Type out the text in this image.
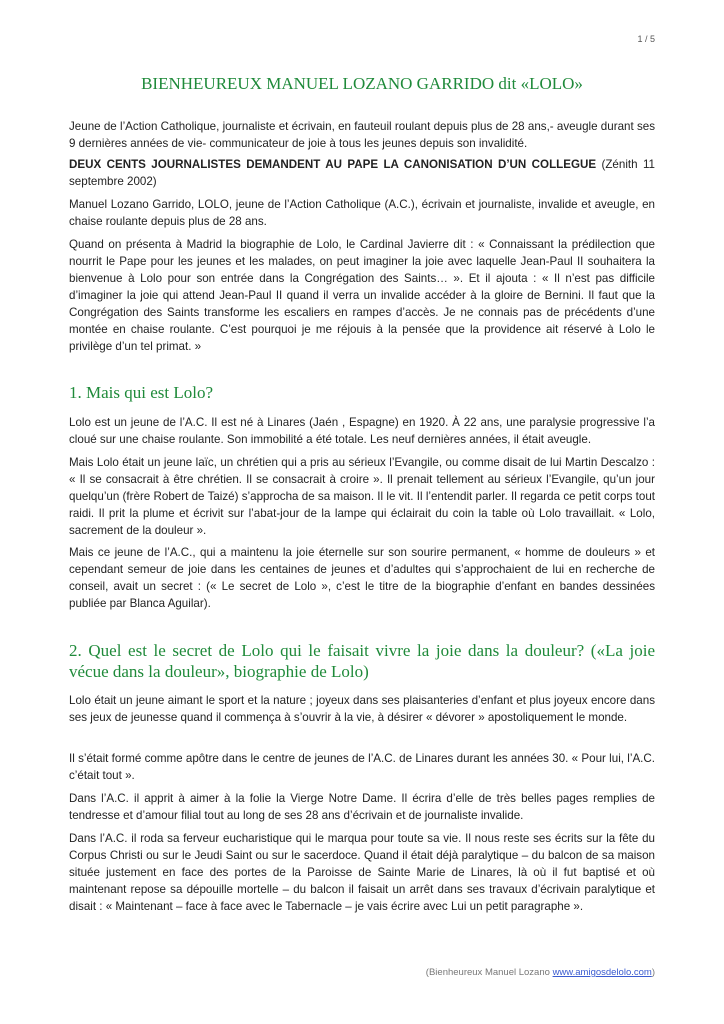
1 / 5
BIENHEUREUX MANUEL LOZANO GARRIDO dit «LOLO»

Jeune de l’Action Catholique, journaliste et écrivain, en fauteuil roulant depuis plus de 28 ans,- aveugle durant ses 9 dernières années de vie- communicateur de joie à tous les jeunes depuis son invalidité.

DEUX CENTS JOURNALISTES DEMANDENT AU PAPE LA CANONISATION D’UN COLLEGUE (Zénith 11 septembre 2002)

Manuel Lozano Garrido, LOLO, jeune de l’Action Catholique (A.C.), écrivain et journaliste, invalide et aveugle, en chaise roulante depuis plus de 28 ans.

Quand on présenta à Madrid la biographie de Lolo, le Cardinal Javierre dit : « Connaissant la prédilection que nourrit le Pape pour les jeunes et les malades, on peut imaginer la joie avec laquelle Jean-Paul II souhaitera la bienvenue à Lolo pour son entrée dans la Congrégation des Saints… ». Et il ajouta : « Il n’est pas difficile d’imaginer la joie qui attend Jean-Paul II quand il verra un invalide accéder à la gloire de Bernini. Il faut que la Congrégation des Saints transforme les escaliers en rampes d’accès. Je ne connais pas de précédents d’une montée en chaise roulante. C’est pourquoi je me réjouis à la pensée que la providence ait réservé à Lolo le privilège d’un tel primat. »

1. Mais qui est Lolo?

Lolo est un jeune de l’A.C. Il est né à Linares (Jaén , Espagne) en 1920. À 22 ans, une paralysie progressive l’a cloué sur une chaise roulante. Son immobilité a été totale. Les neuf dernières années, il était aveugle.

Mais Lolo était un jeune laïc, un chrétien qui a pris au sérieux l’Evangile, ou comme disait de lui Martin Descalzo : « Il se consacrait à être chrétien. Il se consacrait à croire ». Il prenait tellement au sérieux l’Evangile, qu’un jour quelqu’un (frère Robert de Taizé) s’approcha de sa maison. Il le vit. Il l’entendit parler. Il regarda ce petit corps tout raidi. Il prit la plume et écrivit sur l’abat-jour de la lampe qui éclairait du coin la table où Lolo travaillait. « Lolo, sacrement de la douleur ».

Mais ce jeune de l’A.C., qui a maintenu la joie éternelle sur son sourire permanent, « homme de douleurs » et cependant semeur de joie dans les centaines de jeunes et d’adultes qui s’approchaient de lui en recherche de conseil, avait un secret : (« Le secret de Lolo », c’est le titre de la biographie d’enfant en bandes dessinées publiée par Blanca Aguilar).

2. Quel est le secret de Lolo qui le faisait vivre la joie dans la douleur? («La joie vécue dans la douleur», biographie de Lolo)

Lolo était un jeune aimant le sport et la nature ; joyeux dans ses plaisanteries d’enfant et plus joyeux encore dans ses jeux de jeunesse quand il commença à s’ouvrir à la vie, à désirer « dévorer » apostoliquement le monde.

Il s’était formé comme apôtre dans le centre de jeunes de l’A.C. de Linares durant les années 30. « Pour lui, l’A.C. c’était tout ».

Dans l’A.C. il apprit à aimer à la folie la Vierge Notre Dame. Il écrira d’elle de très belles pages remplies de tendresse et d’amour filial tout au long de ses 28 ans d’écrivain et de journaliste invalide.

Dans l’A.C. il roda sa ferveur eucharistique qui le marqua pour toute sa vie. Il nous reste ses écrits sur la fête du Corpus Christi ou sur le Jeudi Saint ou sur le sacerdoce. Quand il était déjà paralytique – du balcon de sa maison située justement en face des portes de la Paroisse de Sainte Marie de Linares, là où il fut baptisé et où maintenant repose sa dépouille mortelle – du balcon il faisait un arrêt dans ses travaux d’écrivain paralytique et disait : « Maintenant – face à face avec le Tabernacle – je vais écrire avec Lui un petit paragraphe ».

(Bienheureux Manuel Lozano www.amigosdelolo.com)
